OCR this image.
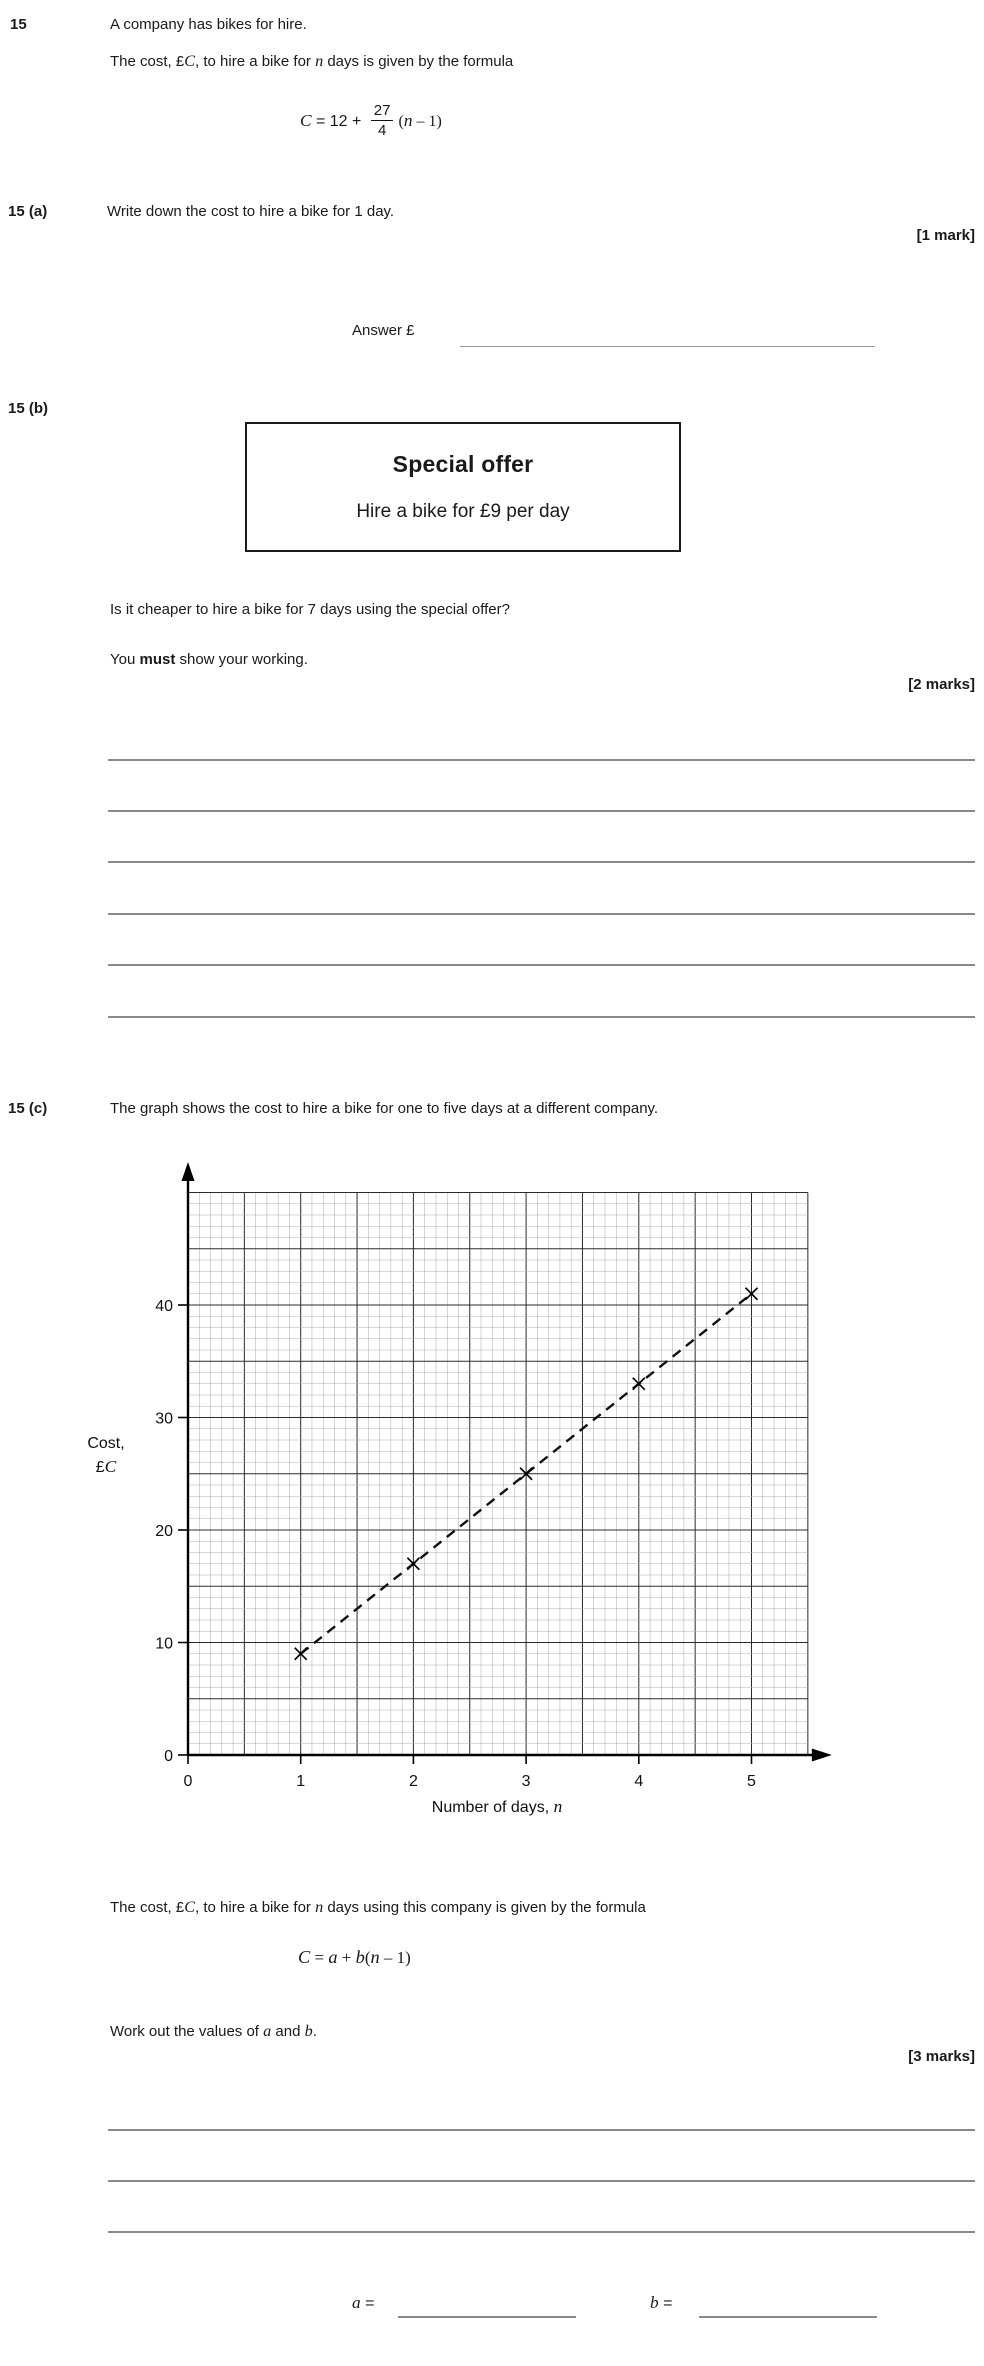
15	A company has bikes for hire.
The cost, £C, to hire a bike for n days is given by the formula
$C = 12 + \frac{27}{4} (n - 1)$
15 (a)	Write down the cost to hire a bike for 1 day.
[1 mark]
Answer £
15 (b)
Special offer
Hire a bike for £9 per day
Is it cheaper to hire a bike for 7 days using the special offer?
You must show your working.
[2 marks]
15 (c)	The graph shows the cost to hire a bike for one to five days at a different company.
0
10
20
30
40
0	1	2	3	4	5
Cost,
£C
Number of days, n
The cost, £C, to hire a bike for n days using this company is given by the formula
C = a + b(n – 1)
Work out the values of a and b.
[3 marks]
a =	b =
